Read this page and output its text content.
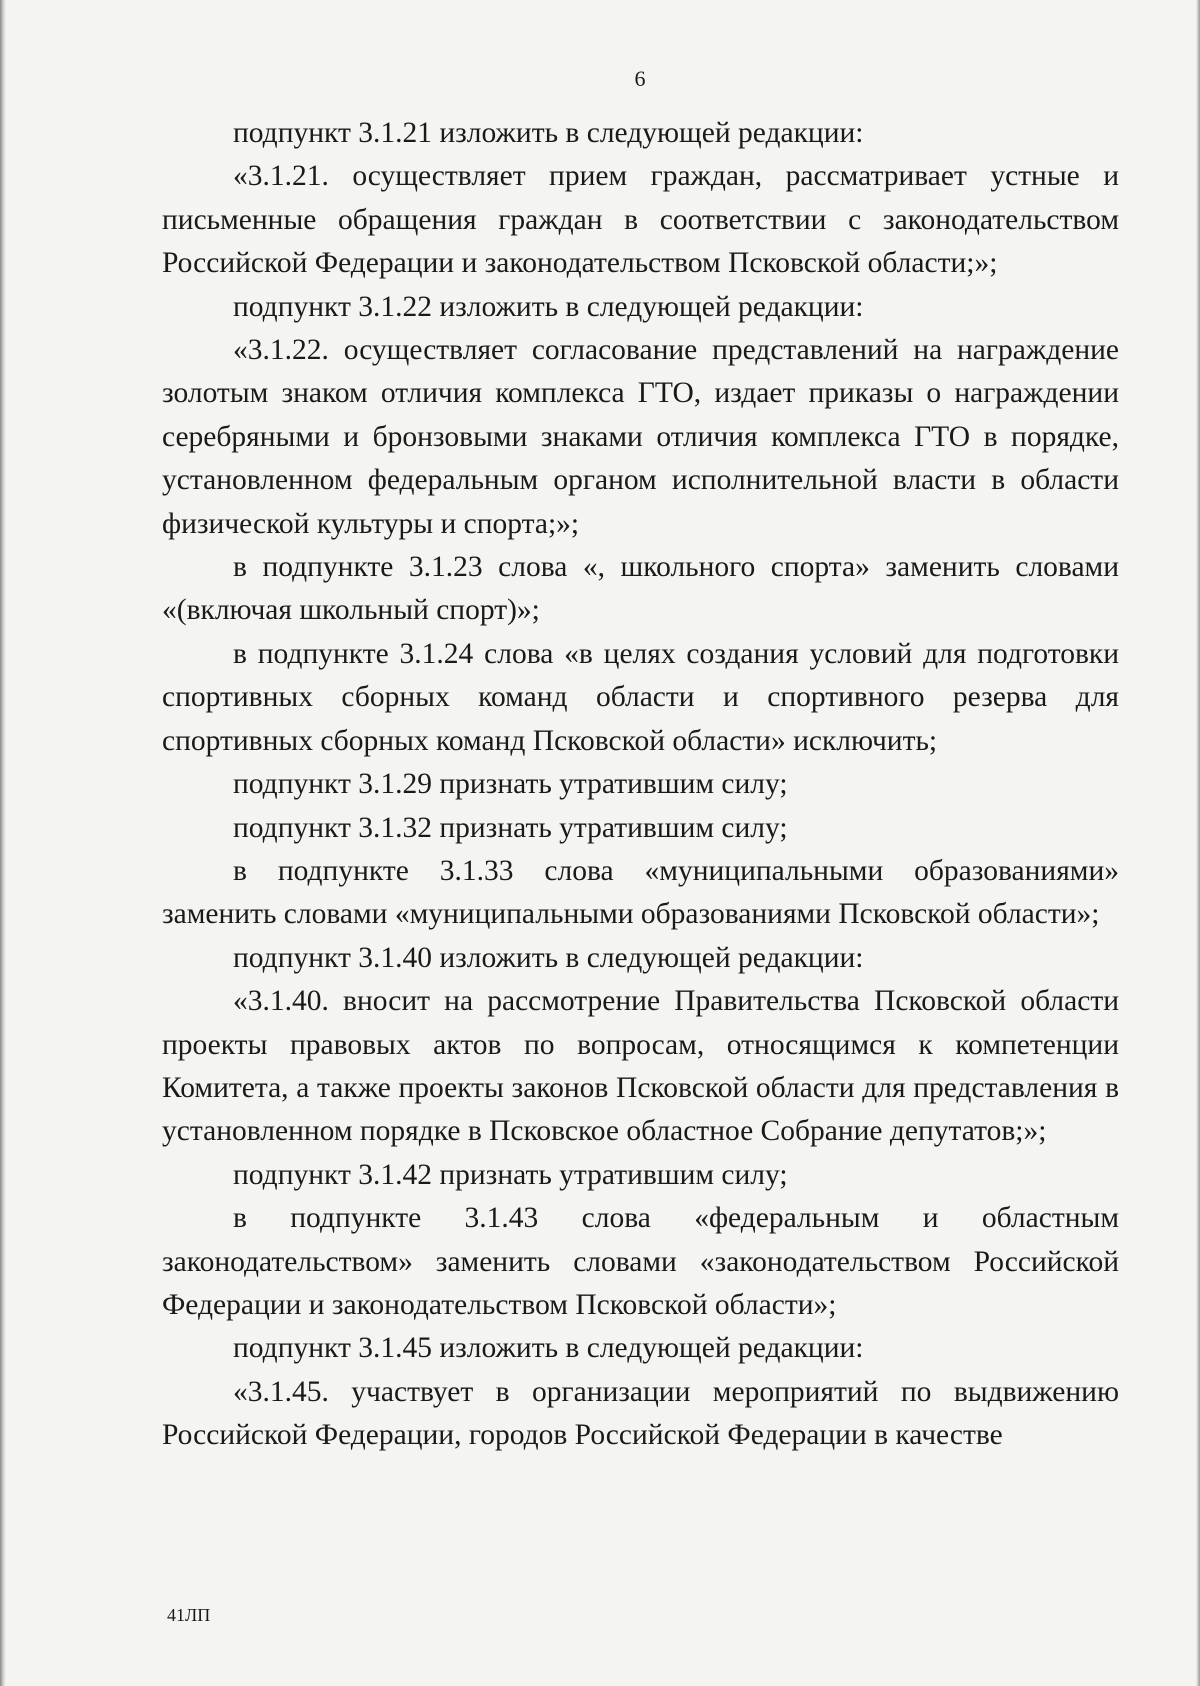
6

подпункт 3.1.21 изложить в следующей редакции:

«3.1.21. осуществляет прием граждан, рассматривает устные и письменные обращения граждан в соответствии с законодательством Российской Федерации и законодательством Псковской области;»;

подпункт 3.1.22 изложить в следующей редакции:

«3.1.22. осуществляет согласование представлений на награждение золотым знаком отличия комплекса ГТО, издает приказы о награждении серебряными и бронзовыми знаками отличия комплекса ГТО в порядке, установленном федеральным органом исполнительной власти в области физической культуры и спорта;»;

в подпункте 3.1.23 слова «, школьного спорта» заменить словами «(включая школьный спорт)»;

в подпункте 3.1.24 слова «в целях создания условий для подготовки спортивных сборных команд области и спортивного резерва для спортивных сборных команд Псковской области» исключить;

подпункт 3.1.29 признать утратившим силу;

подпункт 3.1.32 признать утратившим силу;

в подпункте 3.1.33 слова «муниципальными образованиями» заменить словами «муниципальными образованиями Псковской области»;

подпункт 3.1.40 изложить в следующей редакции:

«3.1.40. вносит на рассмотрение Правительства Псковской области проекты правовых актов по вопросам, относящимся к компетенции Комитета, а также проекты законов Псковской области для представления в установленном порядке в Псковское областное Собрание депутатов;»;

подпункт 3.1.42 признать утратившим силу;

в подпункте 3.1.43 слова «федеральным и областным законодательством» заменить словами «законодательством Российской Федерации и законодательством Псковской области»;

подпункт 3.1.45 изложить в следующей редакции:

«3.1.45. участвует в организации мероприятий по выдвижению Российской Федерации, городов Российской Федерации в качестве

41ЛП
